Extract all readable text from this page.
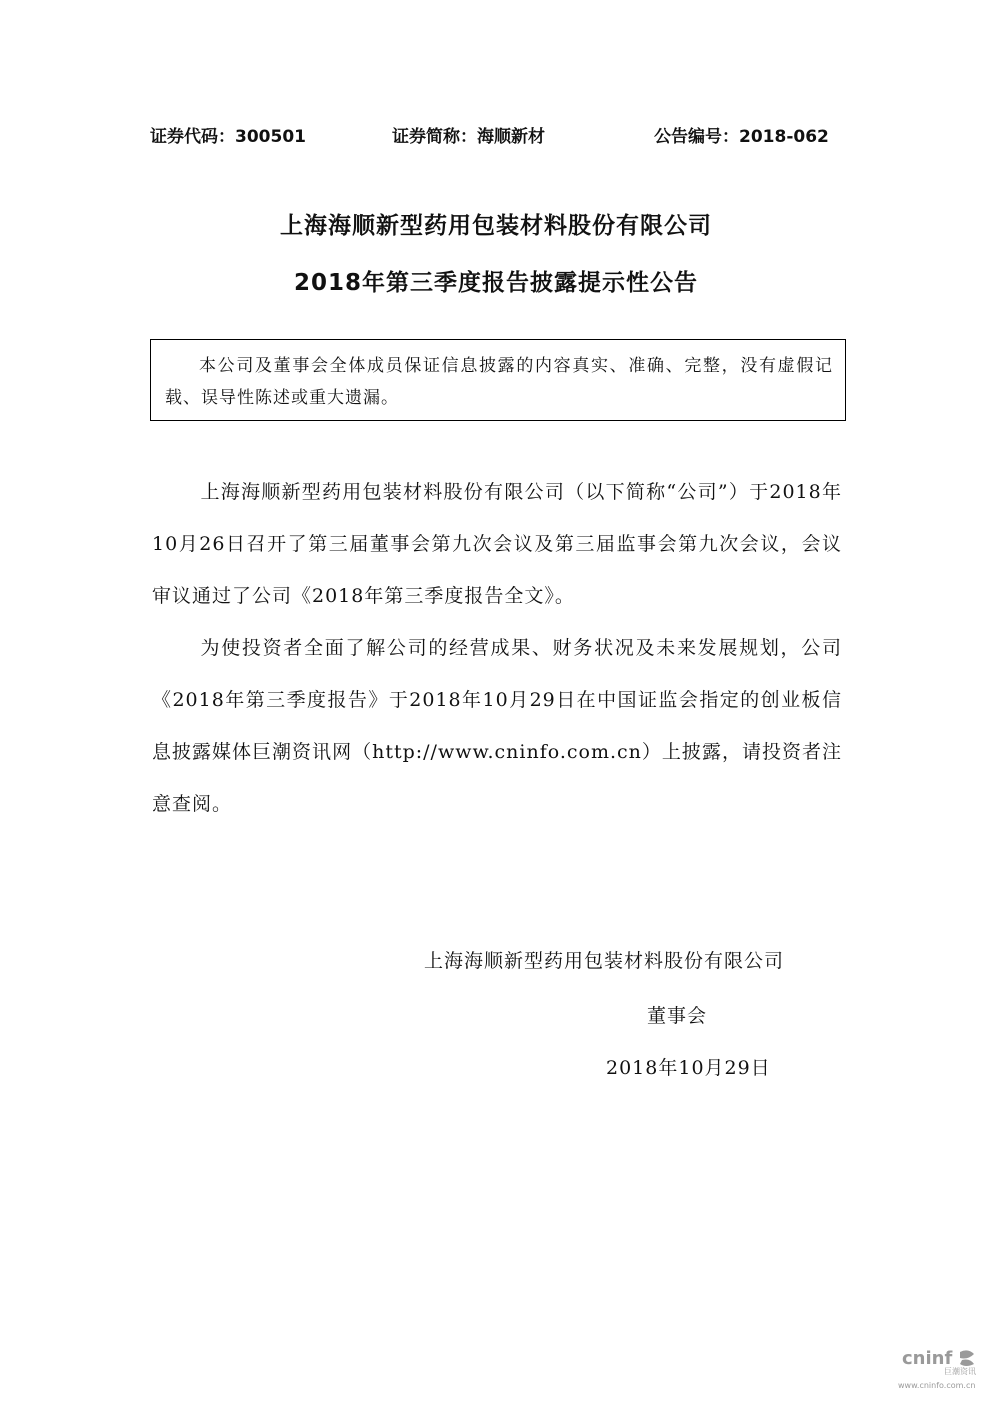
证券代码：300501	证券简称：海顺新材	公告编号：2018-062
上海海顺新型药用包装材料股份有限公司
2018年第三季度报告披露提示性公告

本公司及董事会全体成员保证信息披露的内容真实、准确、完整，没有虚假记载、误导性陈述或重大遗漏。

上海海顺新型药用包装材料股份有限公司（以下简称“公司”）于2018年10月26日召开了第三届董事会第九次会议及第三届监事会第九次会议，会议审议通过了公司《2018年第三季度报告全文》。

为使投资者全面了解公司的经营成果、财务状况及未来发展规划，公司《2018年第三季度报告》于2018年10月29日在中国证监会指定的创业板信息披露媒体巨潮资讯网（http://www.cninfo.com.cn）上披露，请投资者注意查阅。

上海海顺新型药用包装材料股份有限公司
董事会
2018年10月29日
cninf
巨潮资讯
www.cninfo.com.cn
